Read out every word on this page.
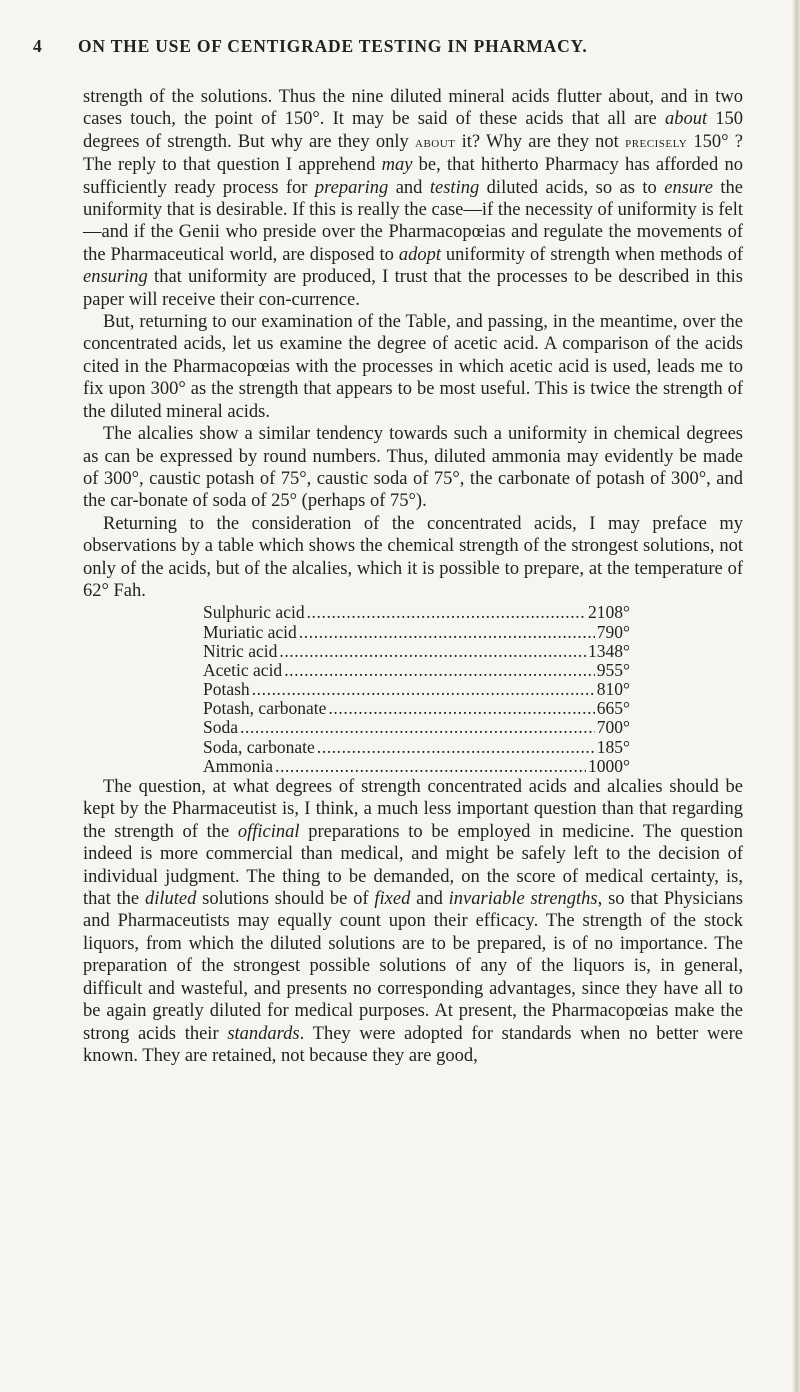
4 ON THE USE OF CENTIGRADE TESTING IN PHARMACY.

strength of the solutions. Thus the nine diluted mineral acids flutter about, and in two cases touch, the point of 150°. It may be said of these acids that all are about 150 degrees of strength. But why are they only about it? Why are they not precisely 150° ? The reply to that question I apprehend may be, that hitherto Pharmacy has afforded no sufficiently ready process for preparing and testing diluted acids, so as to ensure the uniformity that is desirable. If this is really the case—if the necessity of uniformity is felt—and if the Genii who preside over the Pharmacopœias and regulate the movements of the Pharmaceutical world, are disposed to adopt uniformity of strength when methods of ensuring that uniformity are produced, I trust that the processes to be described in this paper will receive their con-currence.

But, returning to our examination of the Table, and passing, in the meantime, over the concentrated acids, let us examine the degree of acetic acid. A comparison of the acids cited in the Pharmacopœias with the processes in which acetic acid is used, leads me to fix upon 300° as the strength that appears to be most useful. This is twice the strength of the diluted mineral acids.

The alcalies show a similar tendency towards such a uniformity in chemical degrees as can be expressed by round numbers. Thus, diluted ammonia may evidently be made of 300°, caustic potash of 75°, caustic soda of 75°, the carbonate of potash of 300°, and the car-bonate of soda of 25° (perhaps of 75°).

Returning to the consideration of the concentrated acids, I may preface my observations by a table which shows the chemical strength of the strongest solutions, not only of the acids, but of the alcalies, which it is possible to prepare, at the temperature of 62° Fah.

Sulphuric acid .....	2108°
Muriatic acid .....	790°
Nitric acid .....	1348°
Acetic acid .....	955°
Potash .....	810°
Potash, carbonate .....	665°
Soda .....	700°
Soda, carbonate .....	185°
Ammonia .....	1000°

The question, at what degrees of strength concentrated acids and alcalies should be kept by the Pharmaceutist is, I think, a much less important question than that regarding the strength of the officinal preparations to be employed in medicine. The question indeed is more commercial than medical, and might be safely left to the decision of individual judgment. The thing to be demanded, on the score of medical certainty, is, that the diluted solutions should be of fixed and invariable strengths, so that Physicians and Pharmaceutists may equally count upon their efficacy. The strength of the stock liquors, from which the diluted solutions are to be prepared, is of no importance. The preparation of the strongest possible solutions of any of the liquors is, in general, difficult and wasteful, and presents no corresponding advantages, since they have all to be again greatly diluted for medical purposes. At present, the Pharmacopœias make the strong acids their standards. They were adopted for standards when no better were known. They are retained, not because they are good,
